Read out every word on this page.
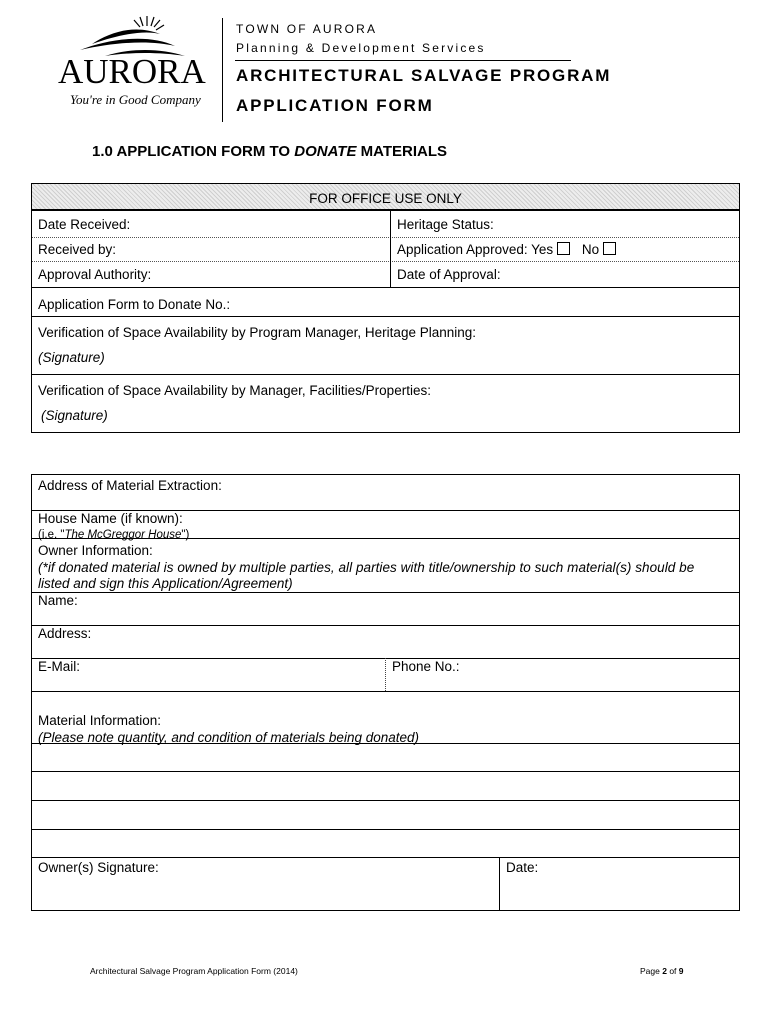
AURORA
You're in Good Company
TOWN OF AURORA
Planning & Development Services
ARCHITECTURAL SALVAGE PROGRAM
APPLICATION FORM
1.0 APPLICATION FORM TO DONATE MATERIALS
FOR OFFICE USE ONLY
Date Received:	Heritage Status:
Received by:	Application Approved: Yes No
Approval Authority:	Date of Approval:
Application Form to Donate No.:
Verification of Space Availability by Program Manager, Heritage Planning:
(Signature)
Verification of Space Availability by Manager, Facilities/Properties:
(Signature)
Address of Material Extraction:
House Name (if known):
(i.e. "The McGreggor House")
Owner Information:
(*if donated material is owned by multiple parties, all parties with title/ownership to such material(s) should be
listed and sign this Application/Agreement)
Name:
Address:
E-Mail:	Phone No.:
Material Information:
(Please note quantity, and condition of materials being donated)
Owner(s) Signature:	Date:
Architectural Salvage Program Application Form (2014)	Page 2 of 9
